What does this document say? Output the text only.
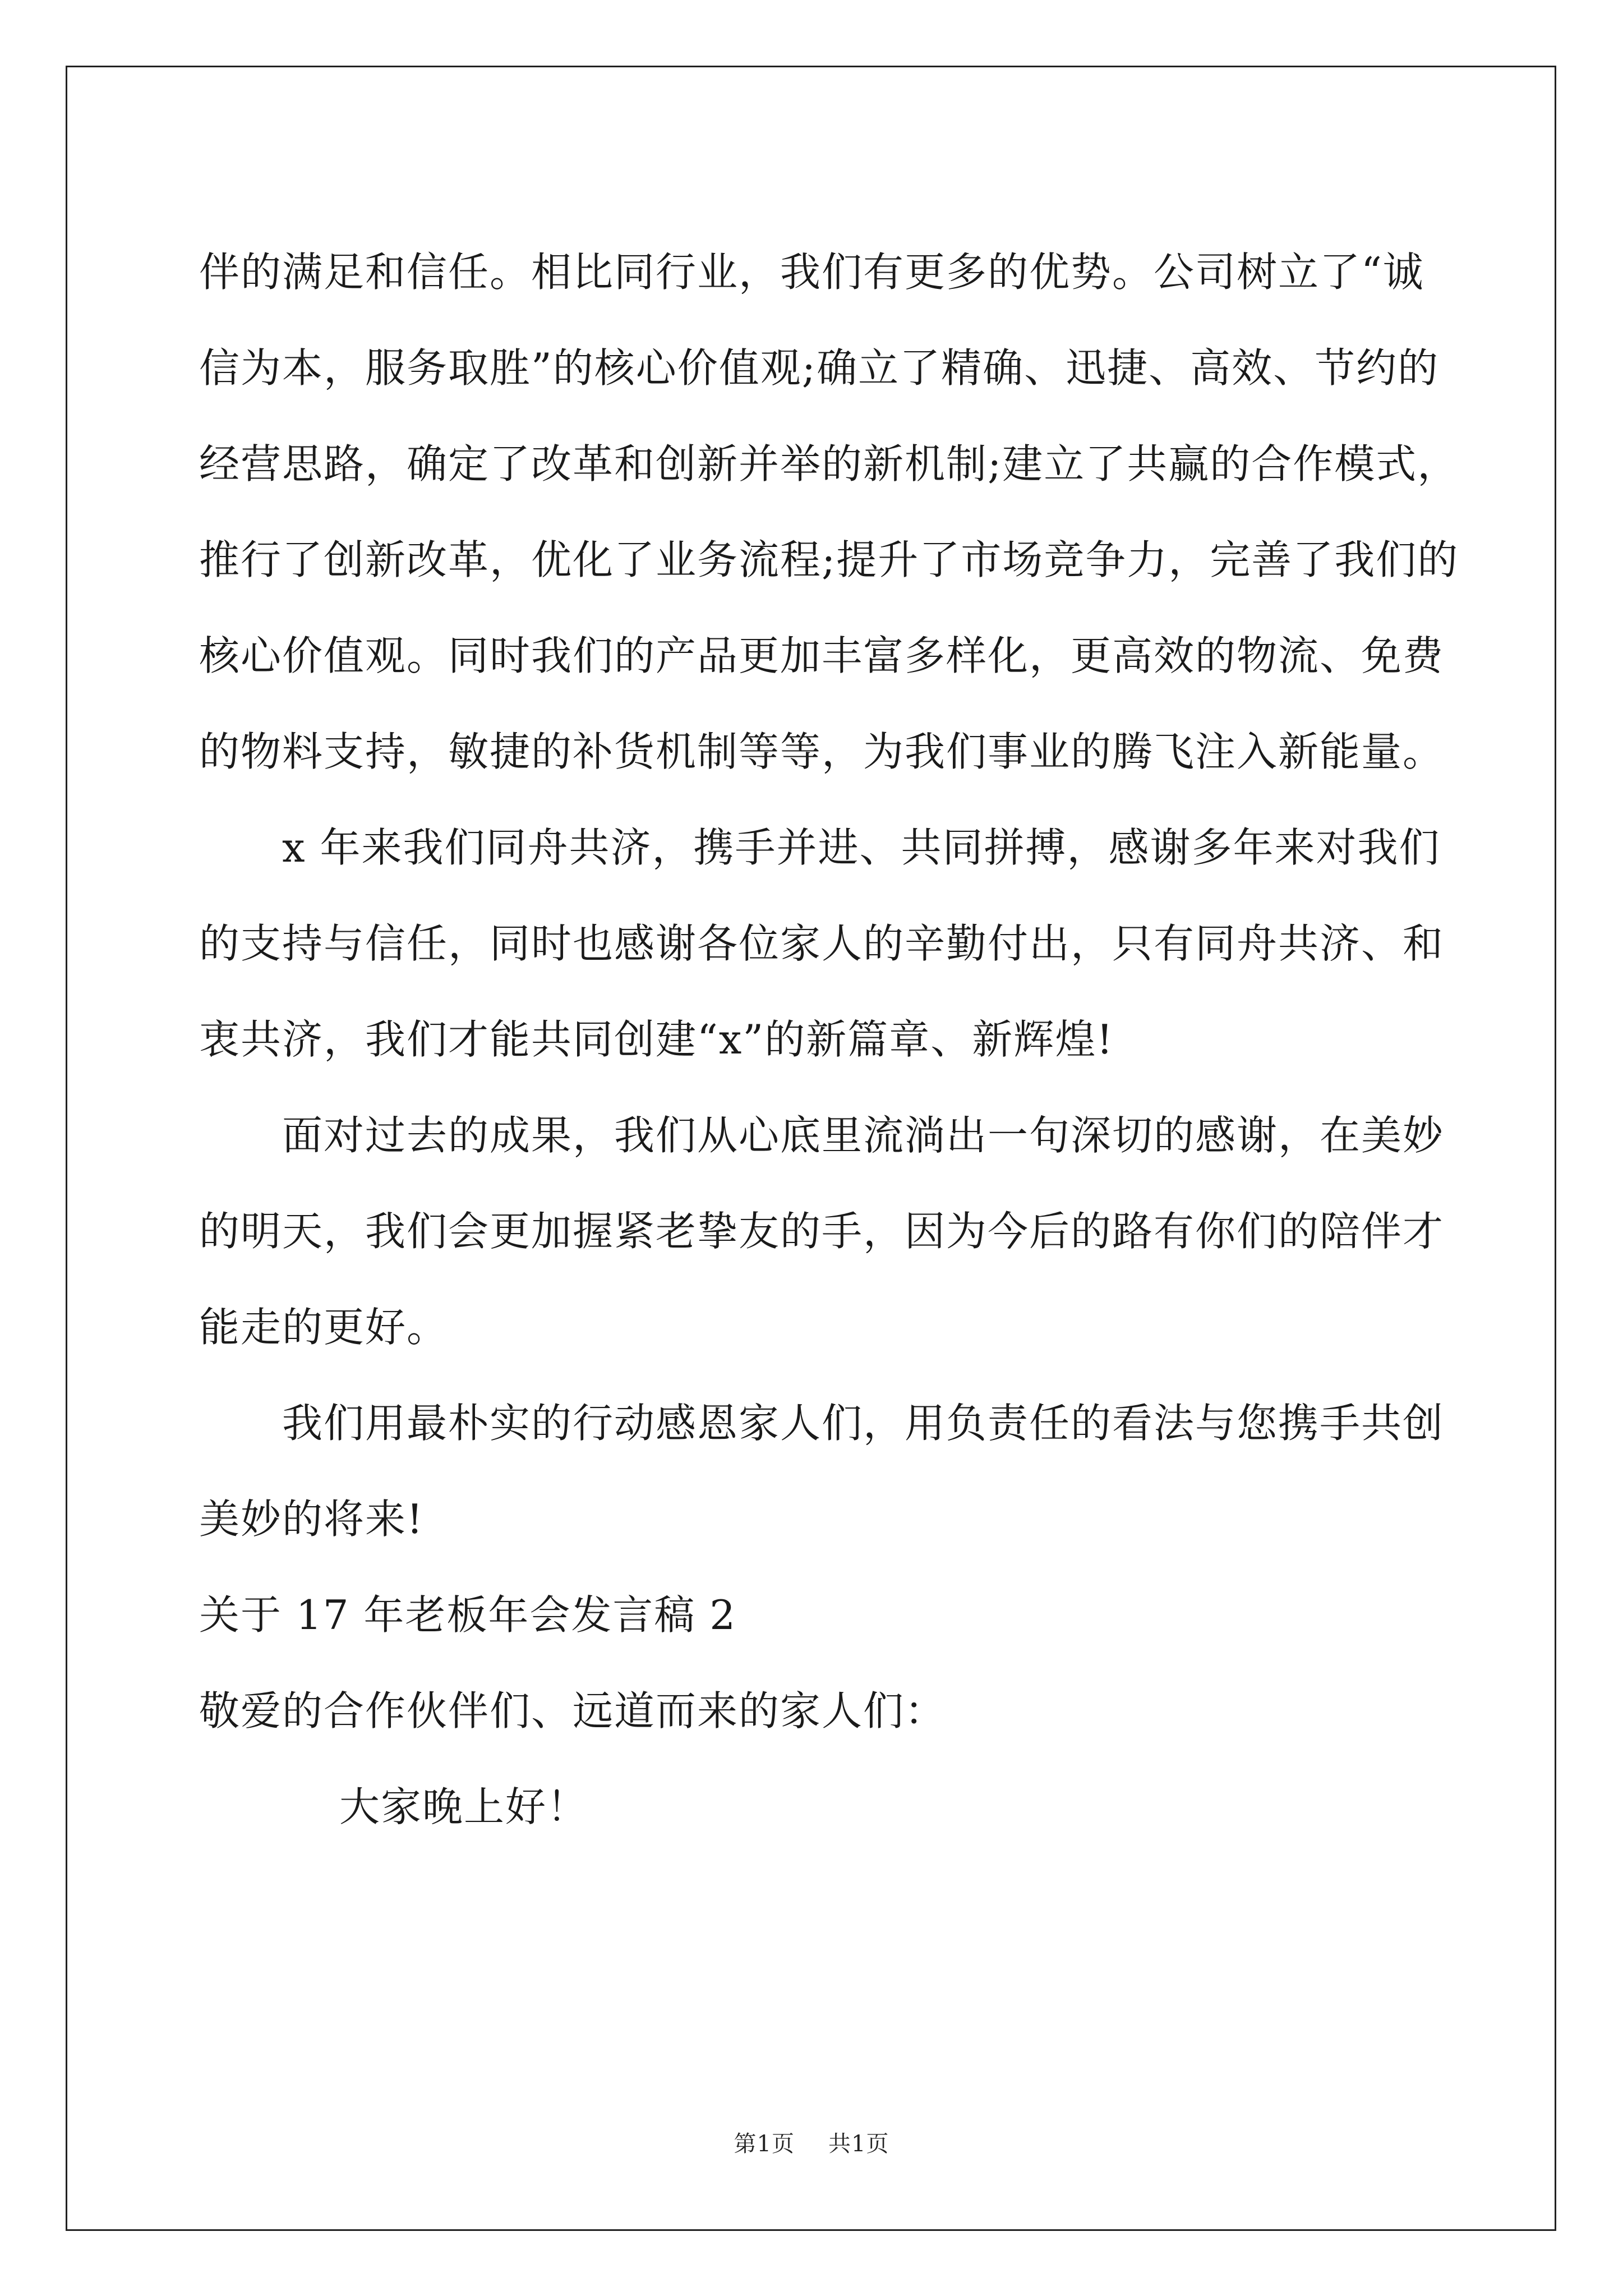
伴的满足和信任。相比同行业，我们有更多的优势。公司树立了“诚
信为本，服务取胜”的核心价值观;确立了精确、迅捷、高效、节约的
经营思路，确定了改革和创新并举的新机制;建立了共赢的合作模式，
推行了创新改革，优化了业务流程;提升了市场竞争力，完善了我们的
核心价值观。同时我们的产品更加丰富多样化，更高效的物流、免费
的物料支持，敏捷的补货机制等等，为我们事业的腾飞注入新能量。
x 年来我们同舟共济，携手并进、共同拼搏，感谢多年来对我们
的支持与信任，同时也感谢各位家人的辛勤付出，只有同舟共济、和
衷共济，我们才能共同创建“x”的新篇章、新辉煌!
面对过去的成果，我们从心底里流淌出一句深切的感谢，在美妙
的明天，我们会更加握紧老挚友的手，因为今后的路有你们的陪伴才
能走的更好。
我们用最朴实的行动感恩家人们，用负责任的看法与您携手共创
美妙的将来!
关于 17 年老板年会发言稿 2
敬爱的合作伙伴们、远道而来的家人们：
大家晚上好！
第1页 共1页
